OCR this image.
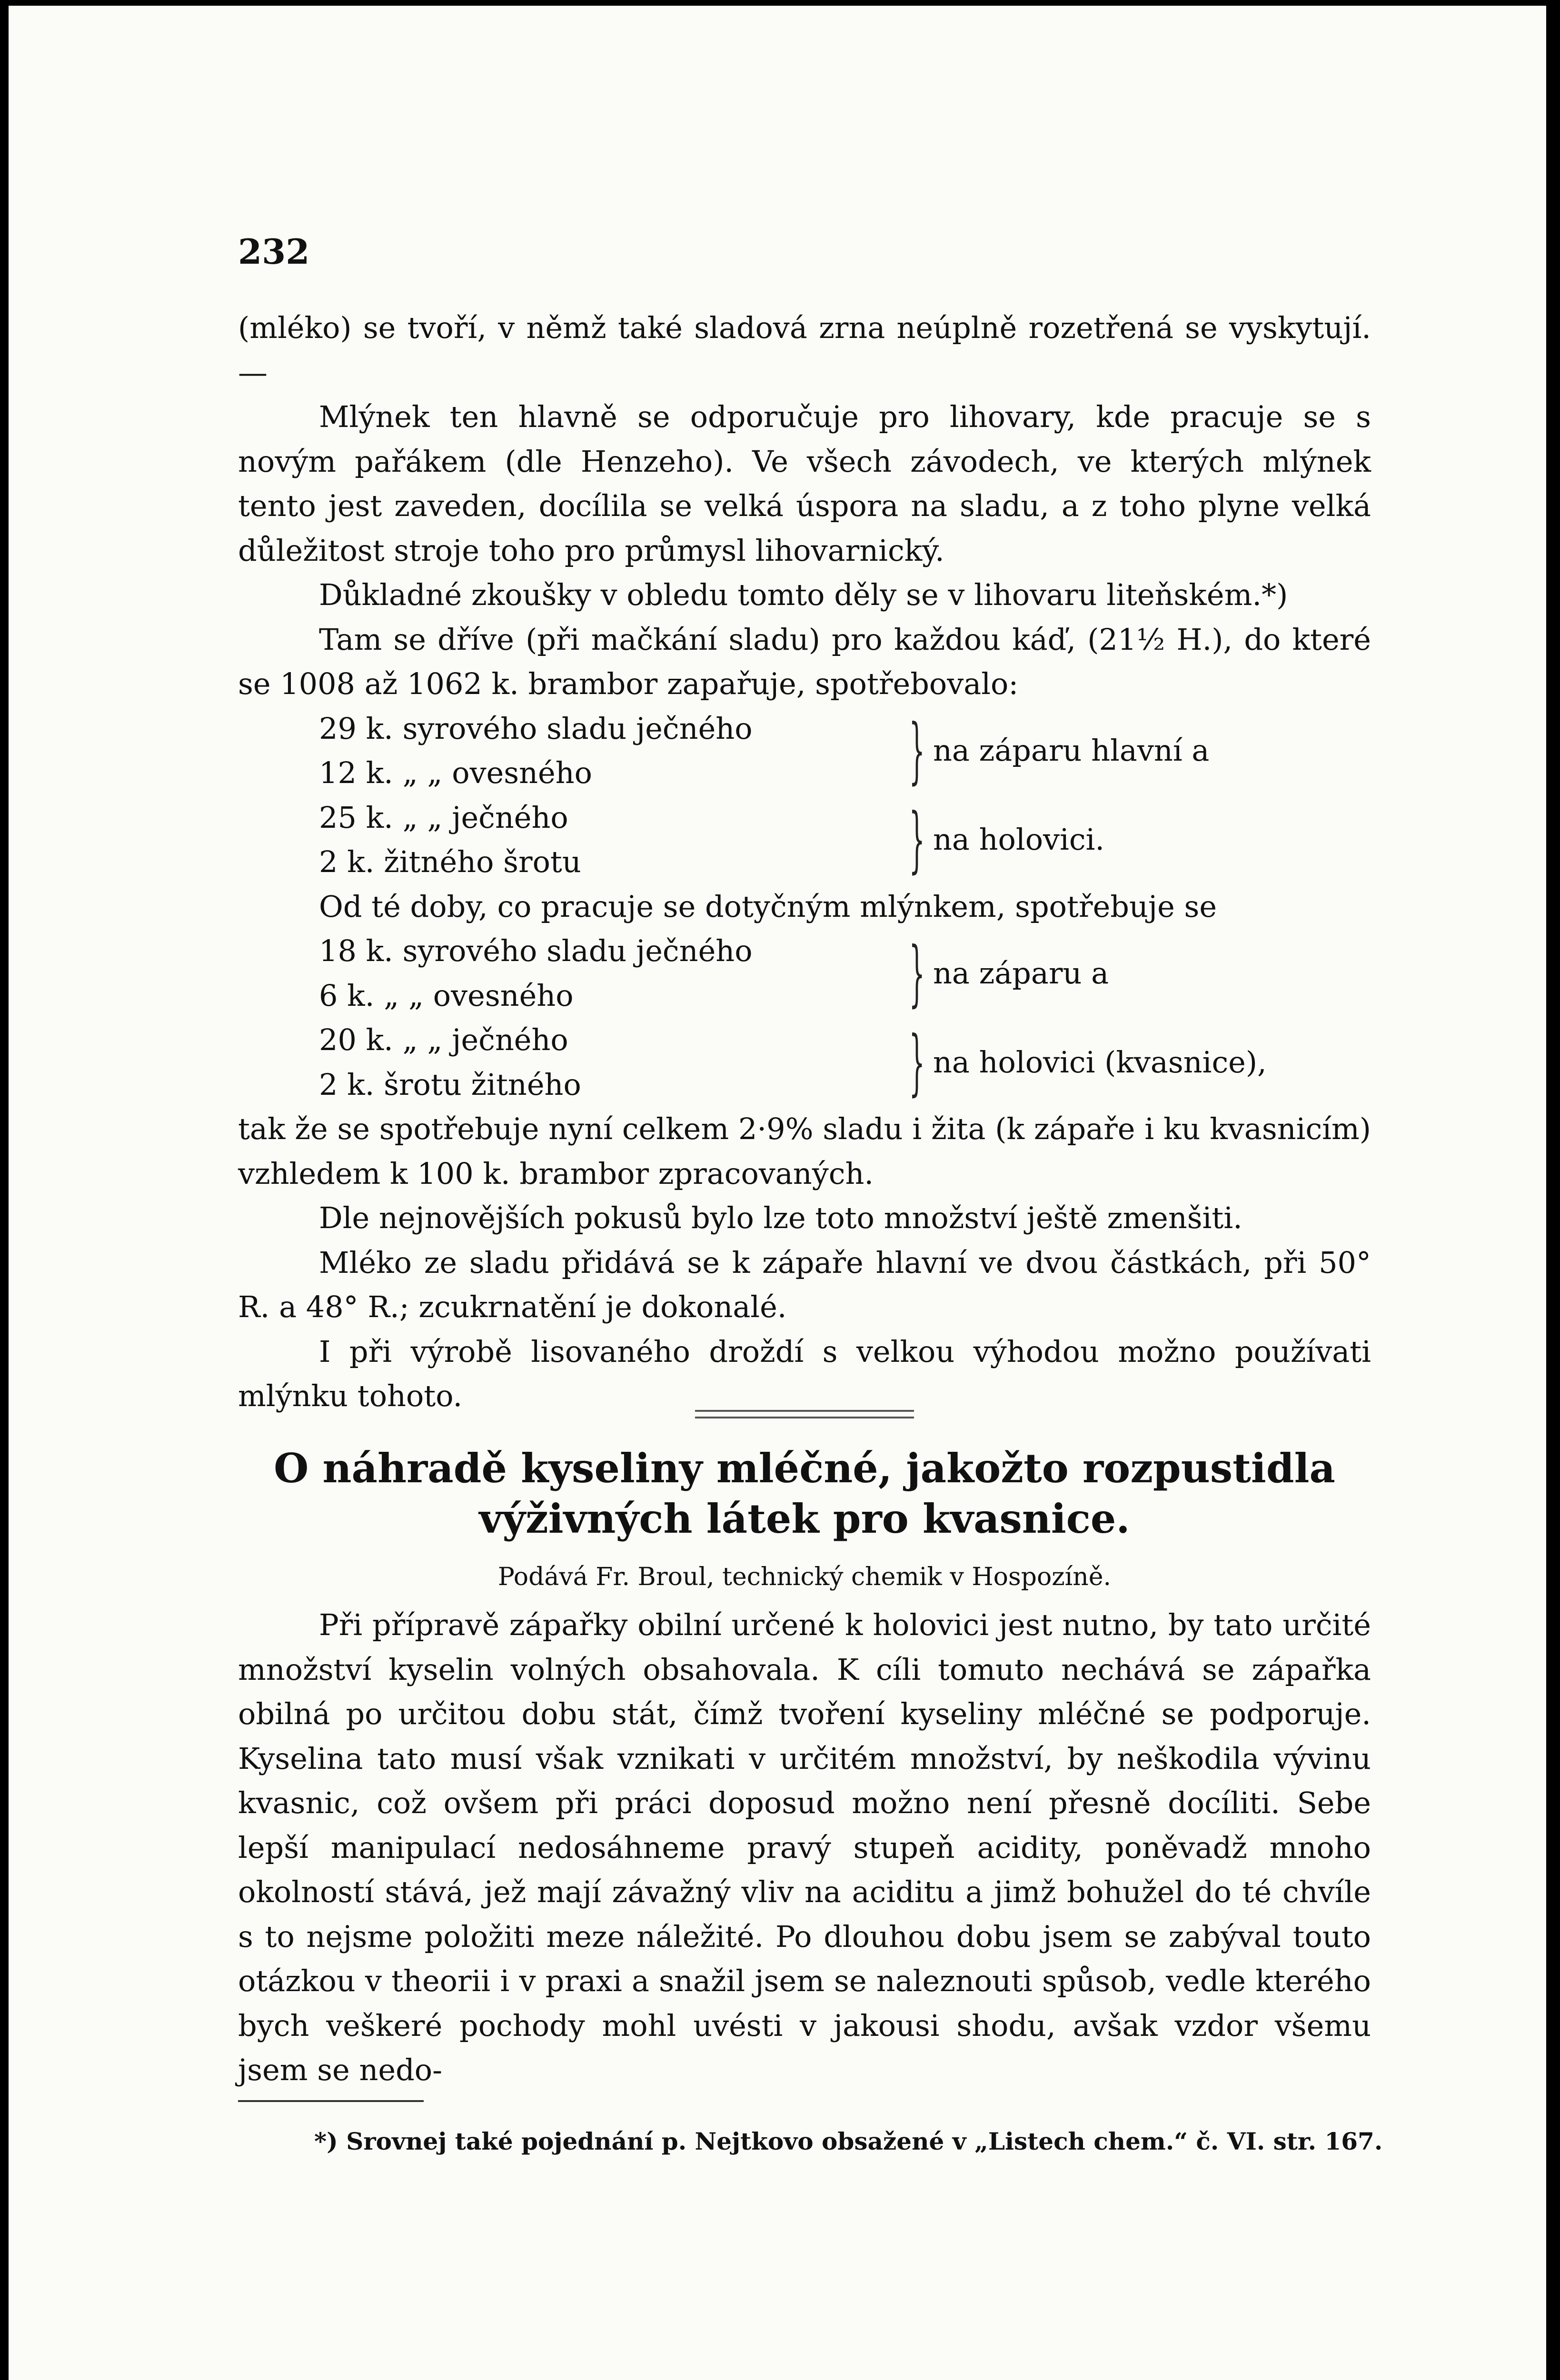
232

(mléko) se tvoří, v němž také sladová zrna neúplně rozetřená se vyskytují. —

Mlýnek ten hlavně se odporučuje pro lihovary, kde pracuje se s novým pařákem (dle Henzeho). Ve všech závodech, ve kterých mlýnek tento jest zaveden, docílila se velká úspora na sladu, a z toho plyne velká důležitost stroje toho pro průmysl lihovarnický.

Důkladné zkoušky v obledu tomto děly se v lihovaru liteňském.*)

Tam se dříve (při mačkání sladu) pro každou káď, (21½ H.), do které se 1008 až 1062 k. brambor zapařuje, spotřebovalo:

29 k. syrového sladu ječného
12 k. „ „ ovesného	} na záparu hlavní a
25 k. „ „ ječného
2 k. žitného šrotu	} na holovici.

Od té doby, co pracuje se dotyčným mlýnkem, spotřebuje se

18 k. syrového sladu ječného
6 k. „ „ ovesného	} na záparu a
20 k. „ „ ječného
2 k. šrotu žitného	} na holovici (kvasnice),

tak že se spotřebuje nyní celkem 2·9% sladu i žita (k zápaře i ku kvasnicím) vzhledem k 100 k. brambor zpracovaných.

Dle nejnovějších pokusů bylo lze toto množství ještě zmenšiti.

Mléko ze sladu přidává se k zápaře hlavní ve dvou částkách, při 50° R. a 48° R.; zcukrnatění je dokonalé.

I při výrobě lisovaného droždí s velkou výhodou možno používati mlýnku tohoto.

O náhradě kyseliny mléčné, jakožto rozpustidla výživných látek pro kvasnice.
Podává Fr. Broul, technický chemik v Hospozíně.

Při přípravě zápařky obilní určené k holovici jest nutno, by tato určité množství kyselin volných obsahovala. K cíli tomuto nechává se zápařka obilná po určitou dobu stát, čímž tvoření kyseliny mléčné se podporuje. Kyselina tato musí však vznikati v určitém množství, by neškodila vývinu kvasnic, což ovšem při práci doposud možno není přesně docíliti. Sebe lepší manipulací nedosáhneme pravý stupeň acidity, poněvadž mnoho okolností stává, jež mají závažný vliv na aciditu a jimž bohužel do té chvíle s to nejsme položiti meze náležité. Po dlouhou dobu jsem se zabýval touto otázkou v theorii i v praxi a snažil jsem se naleznouti spůsob, vedle kterého bych veškeré pochody mohl uvésti v jakousi shodu, avšak vzdor všemu jsem se nedo-

*) Srovnej také pojednání p. Nejtkovo obsažené v „Listech chem.“ č. VI. str. 167.
